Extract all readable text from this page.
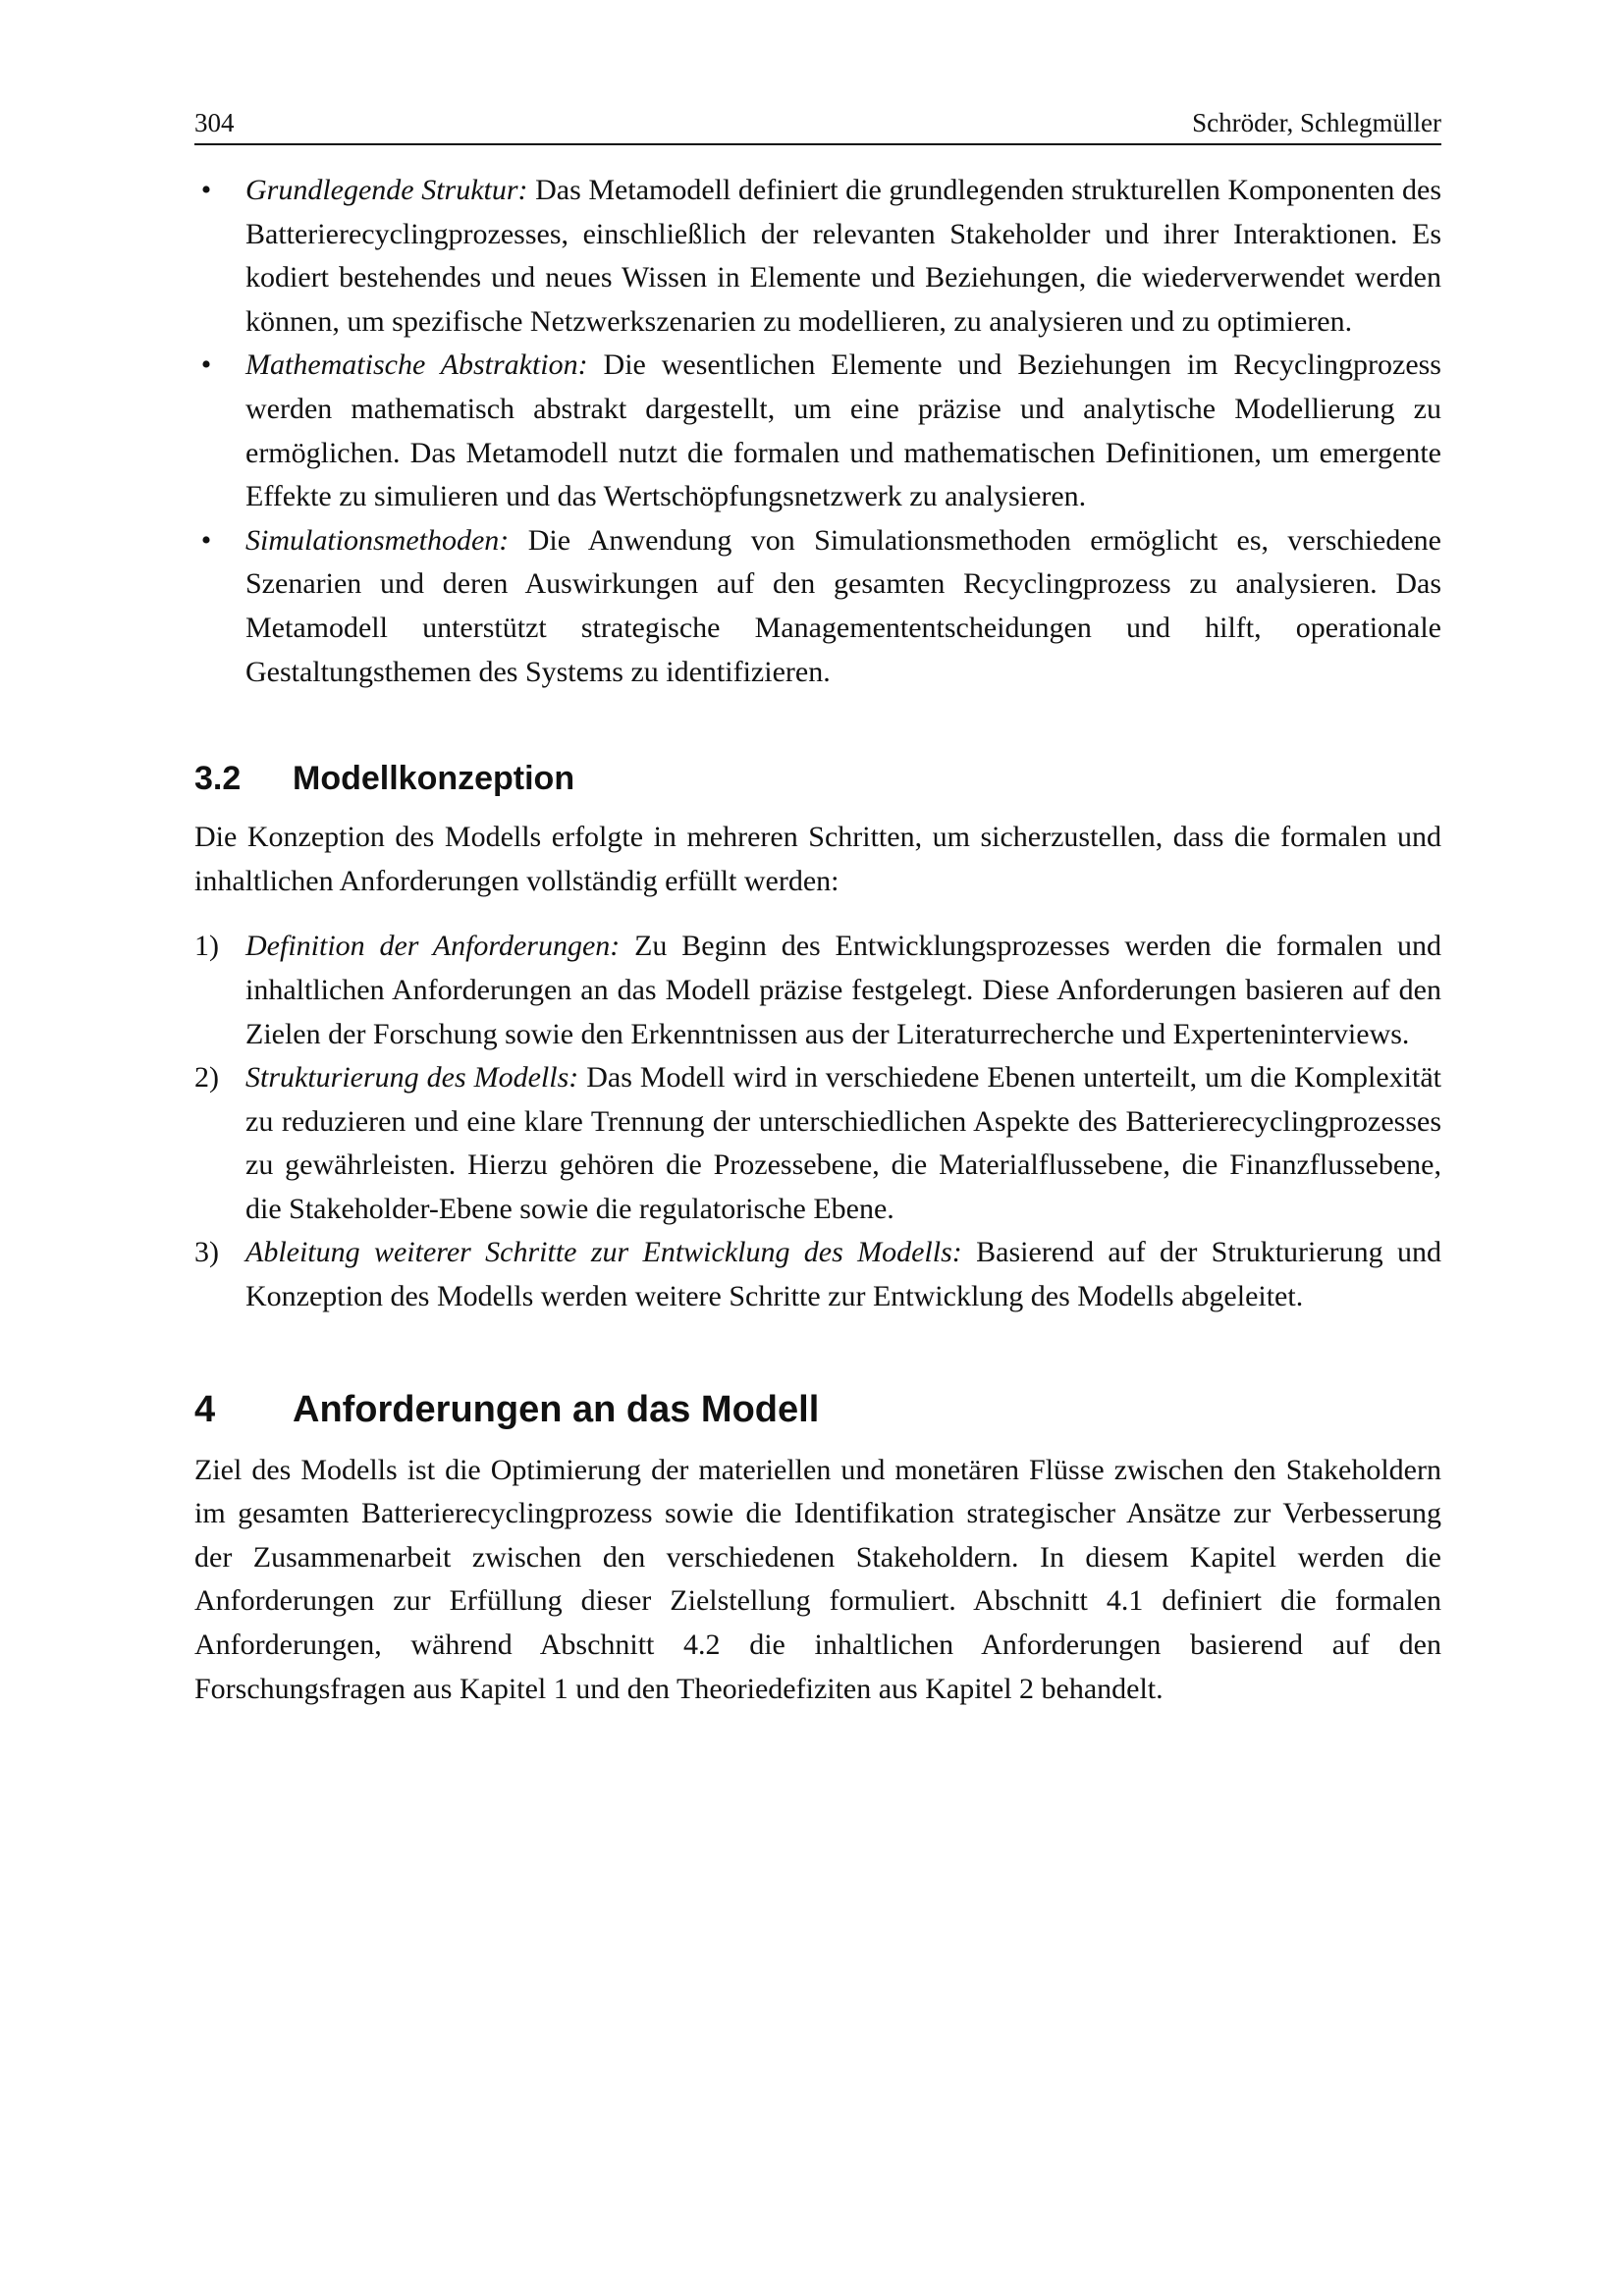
304	Schröder, Schlegmüller
• Grundlegende Struktur: Das Metamodell definiert die grundlegenden strukturellen Komponenten des Batterierecyclingprozesses, einschließlich der relevanten Stakeholder und ihrer Interaktionen. Es kodiert bestehendes und neues Wissen in Elemente und Beziehungen, die wiederverwendet werden können, um spezifische Netzwerkszenarien zu modellieren, zu analysieren und zu optimieren.
• Mathematische Abstraktion: Die wesentlichen Elemente und Beziehungen im Recyclingprozess werden mathematisch abstrakt dargestellt, um eine präzise und analytische Modellierung zu ermöglichen. Das Metamodell nutzt die formalen und mathematischen Definitionen, um emergente Effekte zu simulieren und das Wertschöpfungsnetzwerk zu analysieren.
• Simulationsmethoden: Die Anwendung von Simulationsmethoden ermöglicht es, verschiedene Szenarien und deren Auswirkungen auf den gesamten Recyclingprozess zu analysieren. Das Metamodell unterstützt strategische Managemententscheidungen und hilft, operationale Gestaltungsthemen des Systems zu identifizieren.
3.2	Modellkonzeption

Die Konzeption des Modells erfolgte in mehreren Schritten, um sicherzustellen, dass die formalen und inhaltlichen Anforderungen vollständig erfüllt werden:

1) Definition der Anforderungen: Zu Beginn des Entwicklungsprozesses werden die formalen und inhaltlichen Anforderungen an das Modell präzise festgelegt. Diese Anforderungen basieren auf den Zielen der Forschung sowie den Erkenntnissen aus der Literaturrecherche und Experteninterviews.
2) Strukturierung des Modells: Das Modell wird in verschiedene Ebenen unterteilt, um die Komplexität zu reduzieren und eine klare Trennung der unterschiedlichen Aspekte des Batterierecyclingprozesses zu gewährleisten. Hierzu gehören die Prozessebene, die Materialflussebene, die Finanzflussebene, die Stakeholder-Ebene sowie die regulatorische Ebene.
3) Ableitung weiterer Schritte zur Entwicklung des Modells: Basierend auf der Strukturierung und Konzeption des Modells werden weitere Schritte zur Entwicklung des Modells abgeleitet.
4	Anforderungen an das Modell

Ziel des Modells ist die Optimierung der materiellen und monetären Flüsse zwischen den Stakeholdern im gesamten Batterierecyclingprozess sowie die Identifikation strategischer Ansätze zur Verbesserung der Zusammenarbeit zwischen den verschiedenen Stakeholdern. In diesem Kapitel werden die Anforderungen zur Erfüllung dieser Zielstellung formuliert. Abschnitt 4.1 definiert die formalen Anforderungen, während Abschnitt 4.2 die inhaltlichen Anforderungen basierend auf den Forschungsfragen aus Kapitel 1 und den Theoriedefiziten aus Kapitel 2 behandelt.
